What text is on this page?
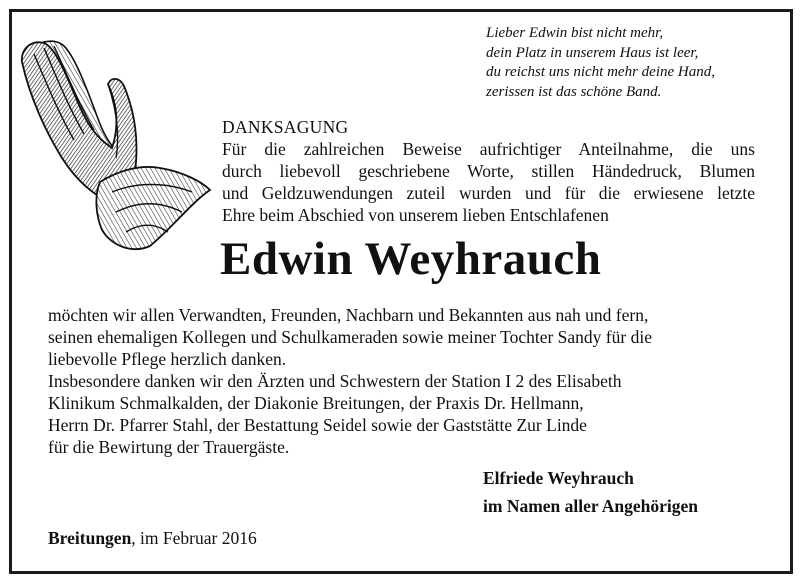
Lieber Edwin bist nicht mehr,
dein Platz in unserem Haus ist leer,
du reichst uns nicht mehr deine Hand,
zerissen ist das schöne Band.
DANKSAGUNG
Für die zahlreichen Beweise aufrichtiger Anteilnahme, die uns
durch liebevoll geschriebene Worte, stillen Händedruck, Blumen
und Geldzuwendungen zuteil wurden und für die erwiesene letzte
Ehre beim Abschied von unserem lieben Entschlafenen
Edwin Weyhrauch
möchten wir allen Verwandten, Freunden, Nachbarn und Bekannten aus nah und fern,
seinen ehemaligen Kollegen und Schulkameraden sowie meiner Tochter Sandy für die
liebevolle Pflege herzlich danken.
Insbesondere danken wir den Ärzten und Schwestern der Station I 2 des Elisabeth
Klinikum Schmalkalden, der Diakonie Breitungen, der Praxis Dr. Hellmann,
Herrn Dr. Pfarrer Stahl, der Bestattung Seidel sowie der Gaststätte Zur Linde
für die Bewirtung der Trauergäste.
Elfriede Weyhrauch
im Namen aller Angehörigen
Breitungen, im Februar 2016
